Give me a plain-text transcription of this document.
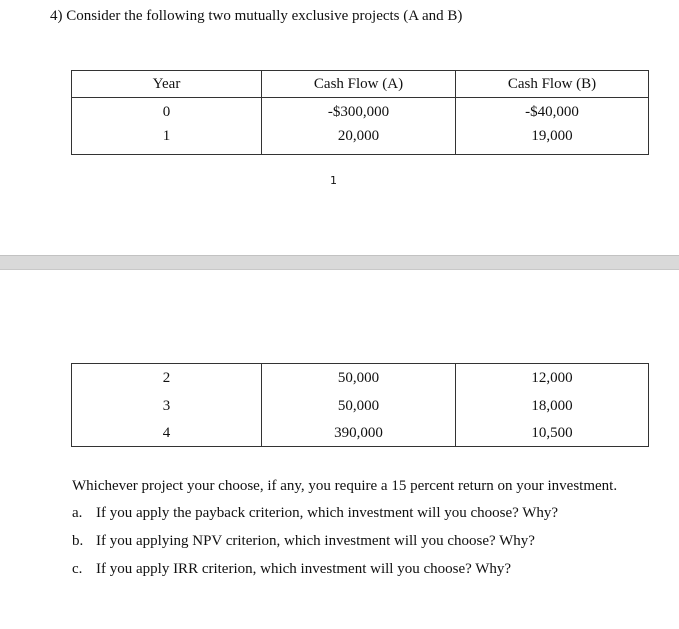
4) Consider the following two mutually exclusive projects (A and B)
Year	Cash Flow (A)	Cash Flow (B)
0	-$300,000	-$40,000
1	20,000	19,000
1
2	50,000	12,000
3	50,000	18,000
4	390,000	10,500
Whichever project your choose, if any, you require a 15 percent return on your investment.
a. If you apply the payback criterion, which investment will you choose? Why?
b. If you applying NPV criterion, which investment will you choose? Why?
c. If you apply IRR criterion, which investment will you choose? Why?
